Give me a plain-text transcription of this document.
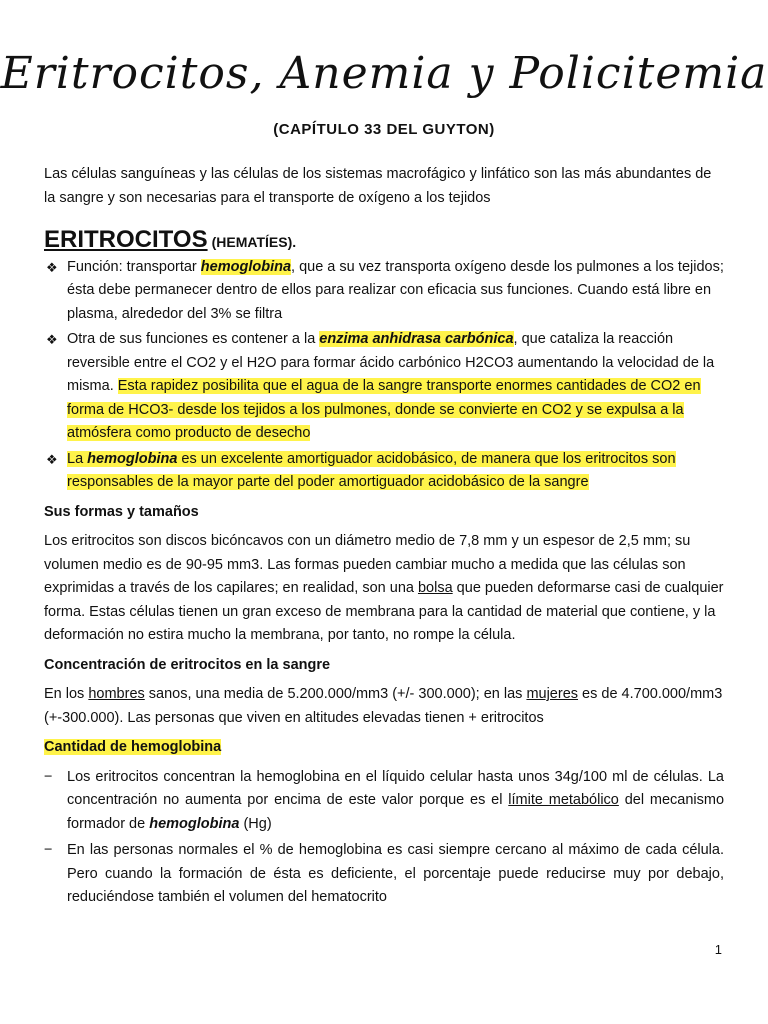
Eritrocitos, Anemia y Policitemia
(CAPÍTULO 33 DEL GUYTON)

Las células sanguíneas y las células de los sistemas macrofágico y linfático son las más abundantes de la sangre y son necesarias para el transporte de oxígeno a los tejidos

ERITROCITOS (HEMATÍES).

❖ Función: transportar hemoglobina, que a su vez transporta oxígeno desde los pulmones a los tejidos; ésta debe permanecer dentro de ellos para realizar con eficacia sus funciones. Cuando está libre en plasma, alrededor del 3% se filtra
❖ Otra de sus funciones es contener a la enzima anhidrasa carbónica, que cataliza la reacción reversible entre el CO2 y el H2O para formar ácido carbónico H2CO3 aumentando la velocidad de la misma. Esta rapidez posibilita que el agua de la sangre transporte enormes cantidades de CO2 en forma de HCO3- desde los tejidos a los pulmones, donde se convierte en CO2 y se expulsa a la atmósfera como producto de desecho
❖ La hemoglobina es un excelente amortiguador acidobásico, de manera que los eritrocitos son responsables de la mayor parte del poder amortiguador acidobásico de la sangre

Sus formas y tamaños

Los eritrocitos son discos bicóncavos con un diámetro medio de 7,8 mm y un espesor de 2,5 mm; su volumen medio es de 90-95 mm3. Las formas pueden cambiar mucho a medida que las células son exprimidas a través de los capilares; en realidad, son una bolsa que pueden deformarse casi de cualquier forma. Estas células tienen un gran exceso de membrana para la cantidad de material que contiene, y la deformación no estira mucho la membrana, por tanto, no rompe la célula.

Concentración de eritrocitos en la sangre

En los hombres sanos, una media de 5.200.000/mm3 (+/- 300.000); en las mujeres es de 4.700.000/mm3 (+-300.000). Las personas que viven en altitudes elevadas tienen + eritrocitos

Cantidad de hemoglobina

− Los eritrocitos concentran la hemoglobina en el líquido celular hasta unos 34g/100 ml de células. La concentración no aumenta por encima de este valor porque es el límite metabólico del mecanismo formador de hemoglobina (Hg)
− En las personas normales el % de hemoglobina es casi siempre cercano al máximo de cada célula. Pero cuando la formación de ésta es deficiente, el porcentaje puede reducirse muy por debajo, reduciéndose también el volumen del hematocrito
1
